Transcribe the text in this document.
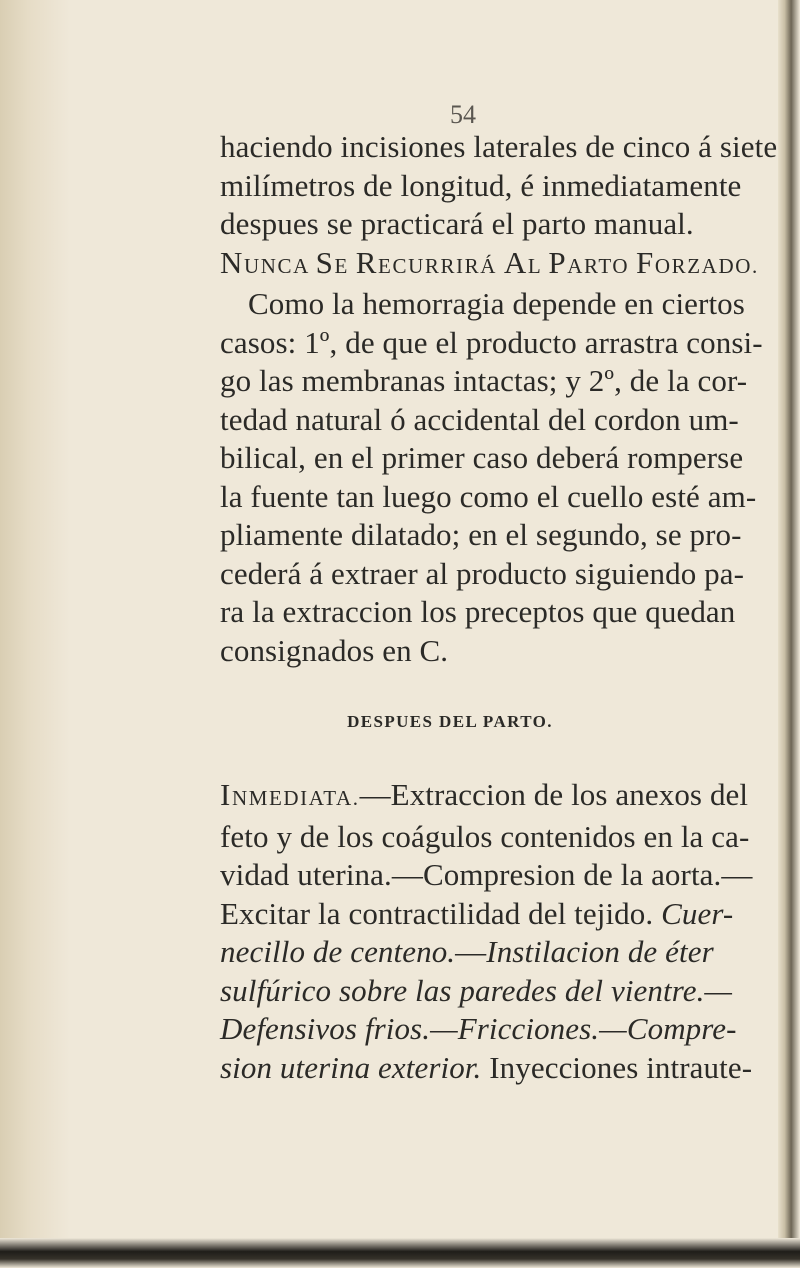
54
haciendo incisiones laterales de cinco á siete
milímetros de longitud, é inmediatamente
despues se practicará el parto manual.
NUNCA SE RECURRIRÁ AL PARTO FORZADO.
Como la hemorragia depende en ciertos
casos: 1º, de que el producto arrastra consi-
go las membranas intactas; y 2º, de la cor-
tedad natural ó accidental del cordon um-
bilical, en el primer caso deberá romperse
la fuente tan luego como el cuello esté am-
pliamente dilatado; en el segundo, se pro-
cederá á extraer al producto siguiendo pa-
ra la extraccion los preceptos que quedan
consignados en C.
DESPUES DEL PARTO.
INMEDIATA.—Extraccion de los anexos del
feto y de los coágulos contenidos en la ca-
vidad uterina.—Compresion de la aorta.—
Excitar la contractilidad del tejido. Cuer-
necillo de centeno.—Instilacion de éter
sulfúrico sobre las paredes del vientre.—
Defensivos frios.—Fricciones.—Compre-
sion uterina exterior. Inyecciones intraute-
